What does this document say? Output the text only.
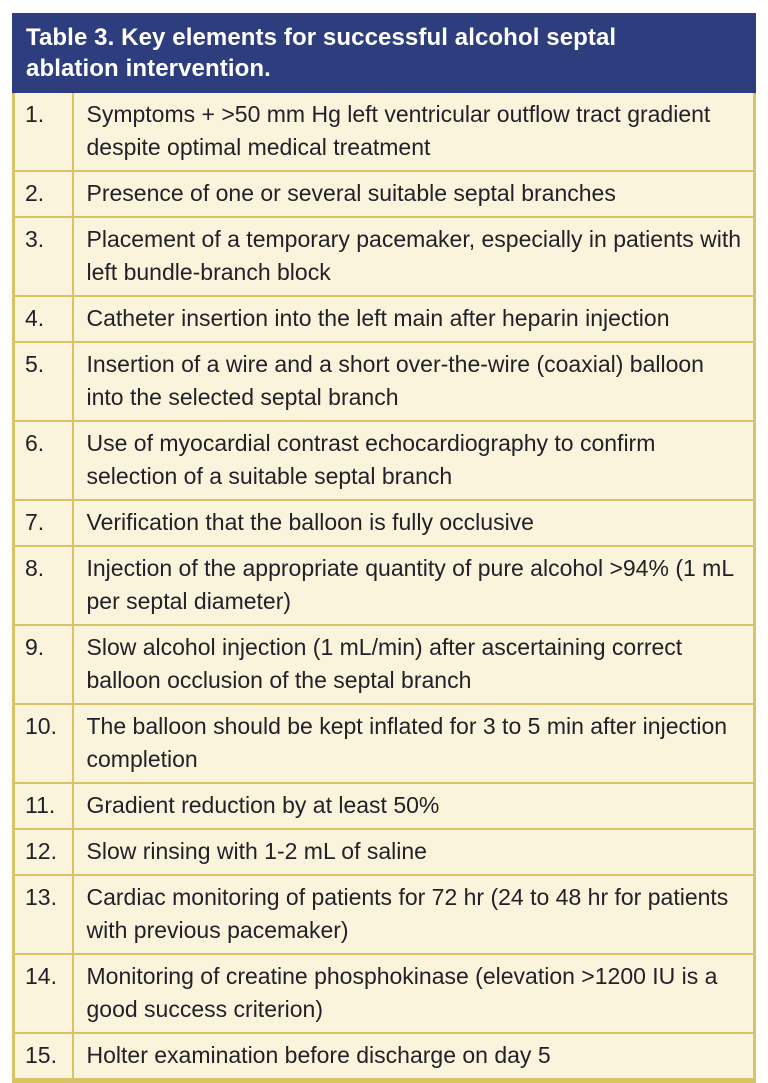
Table 3. Key elements for successful alcohol septal ablation intervention.
1.	Symptoms + >50 mm Hg left ventricular outflow tract gradient despite optimal medical treatment
2.	Presence of one or several suitable septal branches
3.	Placement of a temporary pacemaker, especially in patients with left bundle-branch block
4.	Catheter insertion into the left main after heparin injection
5.	Insertion of a wire and a short over-the-wire (coaxial) balloon into the selected septal branch
6.	Use of myocardial contrast echocardiography to confirm selection of a suitable septal branch
7.	Verification that the balloon is fully occlusive
8.	Injection of the appropriate quantity of pure alcohol >94% (1 mL per septal diameter)
9.	Slow alcohol injection (1 mL/min) after ascertaining correct balloon occlusion of the septal branch
10.	The balloon should be kept inflated for 3 to 5 min after injection completion
11.	Gradient reduction by at least 50%
12.	Slow rinsing with 1-2 mL of saline
13.	Cardiac monitoring of patients for 72 hr (24 to 48 hr for patients with previous pacemaker)
14.	Monitoring of creatine phosphokinase (elevation >1200 IU is a good success criterion)
15.	Holter examination before discharge on day 5
